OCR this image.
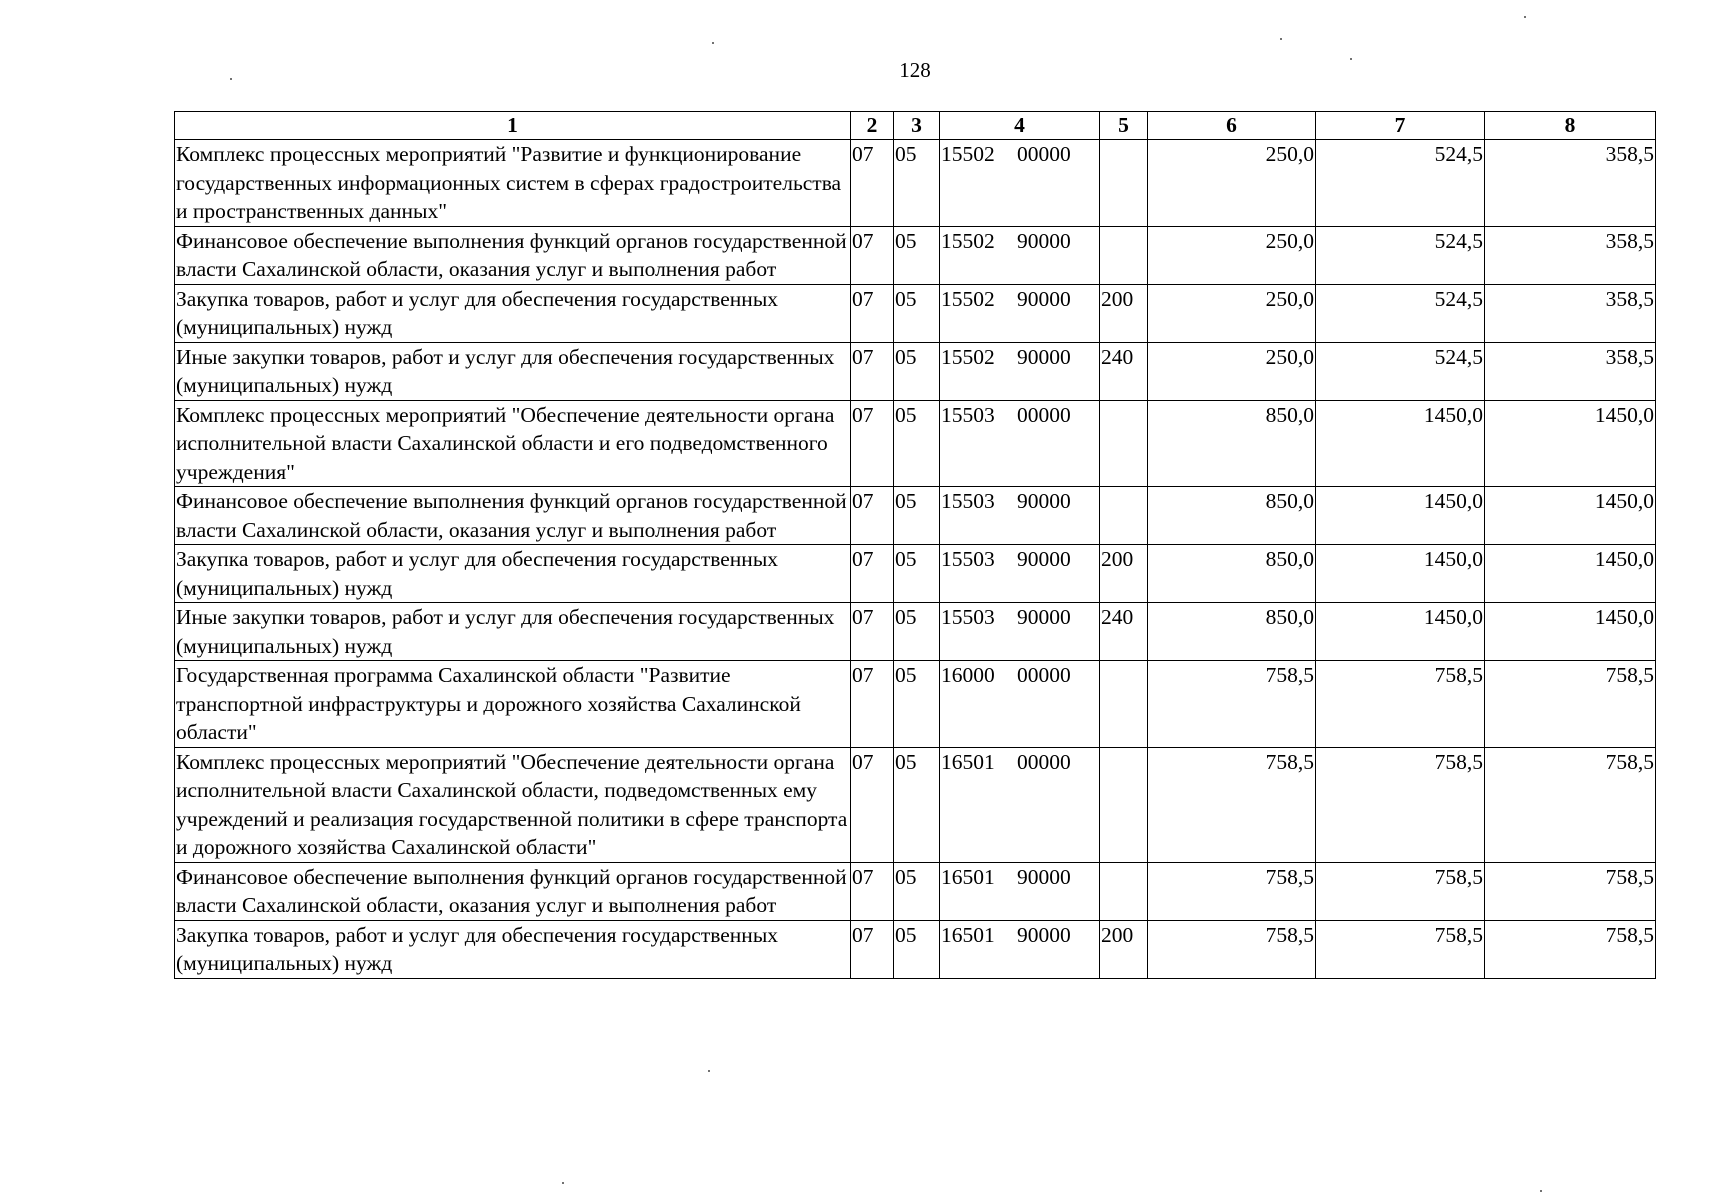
128
1	2	3	4	5	6	7	8
Комплекс процессных мероприятий "Развитие и функционирование государственных информационных систем в сферах градостроительства и пространственных данных"	07	05	15502 00000		250,0	524,5	358,5
Финансовое обеспечение выполнения функций органов государственной власти Сахалинской области, оказания услуг и выполнения работ	07	05	15502 90000		250,0	524,5	358,5
Закупка товаров, работ и услуг для обеспечения государственных (муниципальных) нужд	07	05	15502 90000	200	250,0	524,5	358,5
Иные закупки товаров, работ и услуг для обеспечения государственных (муниципальных) нужд	07	05	15502 90000	240	250,0	524,5	358,5
Комплекс процессных мероприятий "Обеспечение деятельности органа исполнительной власти Сахалинской области и его подведомственного учреждения"	07	05	15503 00000		850,0	1450,0	1450,0
Финансовое обеспечение выполнения функций органов государственной власти Сахалинской области, оказания услуг и выполнения работ	07	05	15503 90000		850,0	1450,0	1450,0
Закупка товаров, работ и услуг для обеспечения государственных (муниципальных) нужд	07	05	15503 90000	200	850,0	1450,0	1450,0
Иные закупки товаров, работ и услуг для обеспечения государственных (муниципальных) нужд	07	05	15503 90000	240	850,0	1450,0	1450,0
Государственная программа Сахалинской области "Развитие транспортной инфраструктуры и дорожного хозяйства Сахалинской области"	07	05	16000 00000		758,5	758,5	758,5
Комплекс процессных мероприятий "Обеспечение деятельности органа исполнительной власти Сахалинской области, подведомственных ему учреждений и реализация государственной политики в сфере транспорта и дорожного хозяйства Сахалинской области"	07	05	16501 00000		758,5	758,5	758,5
Финансовое обеспечение выполнения функций органов государственной власти Сахалинской области, оказания услуг и выполнения работ	07	05	16501 90000		758,5	758,5	758,5
Закупка товаров, работ и услуг для обеспечения государственных (муниципальных) нужд	07	05	16501 90000	200	758,5	758,5	758,5
